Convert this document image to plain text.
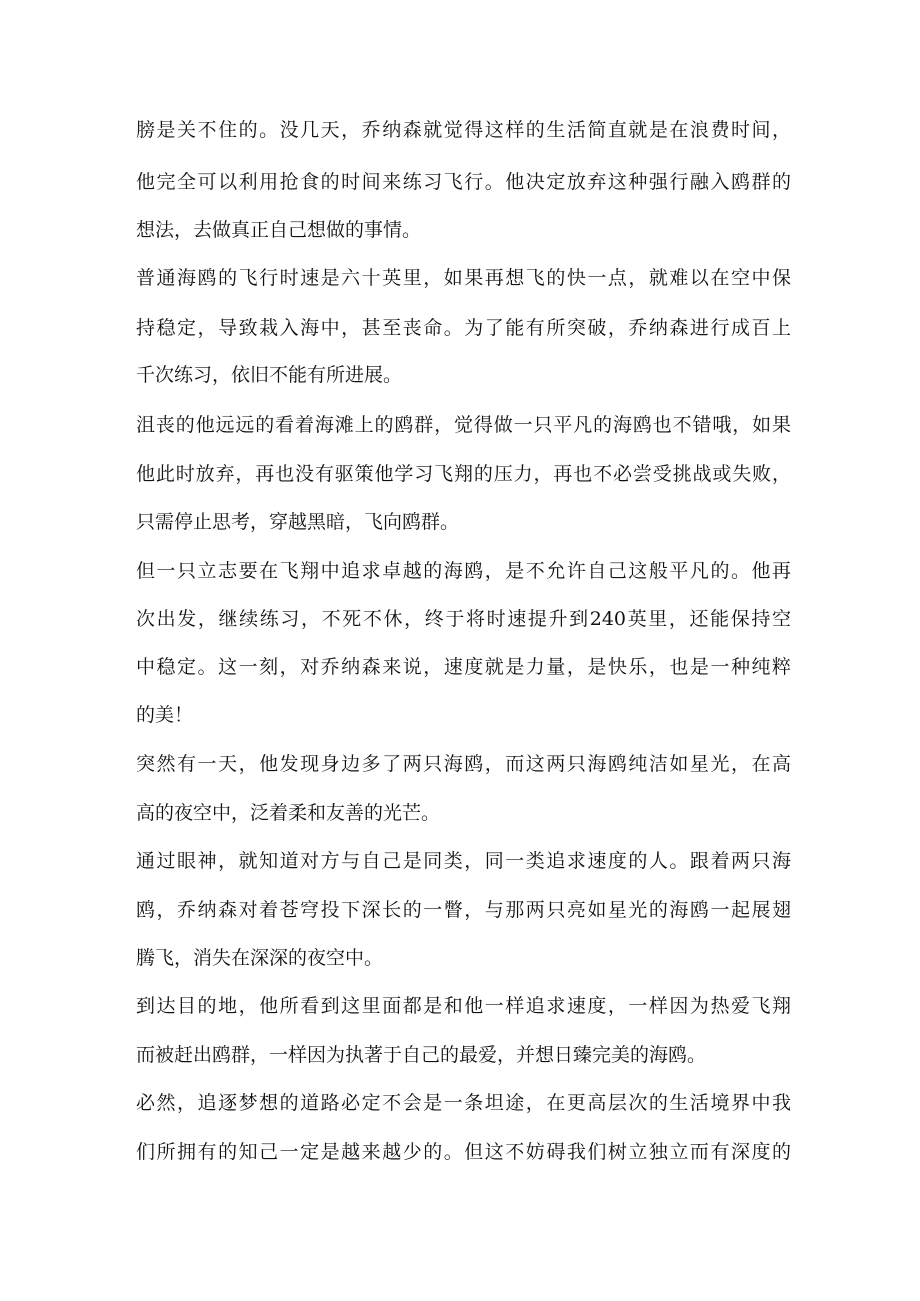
膀是关不住的。没几天，乔纳森就觉得这样的生活简直就是在浪费时间，
他完全可以利用抢食的时间来练习飞行。他决定放弃这种强行融入鸥群的
想法，去做真正自己想做的事情。
普通海鸥的飞行时速是六十英里，如果再想飞的快一点，就难以在空中保
持稳定，导致栽入海中，甚至丧命。为了能有所突破，乔纳森进行成百上
千次练习，依旧不能有所进展。
沮丧的他远远的看着海滩上的鸥群，觉得做一只平凡的海鸥也不错哦，如果
他此时放弃，再也没有驱策他学习飞翔的压力，再也不必尝受挑战或失败，
只需停止思考，穿越黑暗，飞向鸥群。
但一只立志要在飞翔中追求卓越的海鸥，是不允许自己这般平凡的。他再
次出发，继续练习，不死不休，终于将时速提升到240英里，还能保持空
中稳定。这一刻，对乔纳森来说，速度就是力量，是快乐，也是一种纯粹
的美！
突然有一天，他发现身边多了两只海鸥，而这两只海鸥纯洁如星光，在高
高的夜空中，泛着柔和友善的光芒。
通过眼神，就知道对方与自己是同类，同一类追求速度的人。跟着两只海
鸥，乔纳森对着苍穹投下深长的一瞥，与那两只亮如星光的海鸥一起展翅
腾飞，消失在深深的夜空中。
到达目的地，他所看到这里面都是和他一样追求速度，一样因为热爱飞翔
而被赶出鸥群，一样因为执著于自己的最爱，并想日臻完美的海鸥。
必然，追逐梦想的道路必定不会是一条坦途，在更高层次的生活境界中我
们所拥有的知己一定是越来越少的。但这不妨碍我们树立独立而有深度的
